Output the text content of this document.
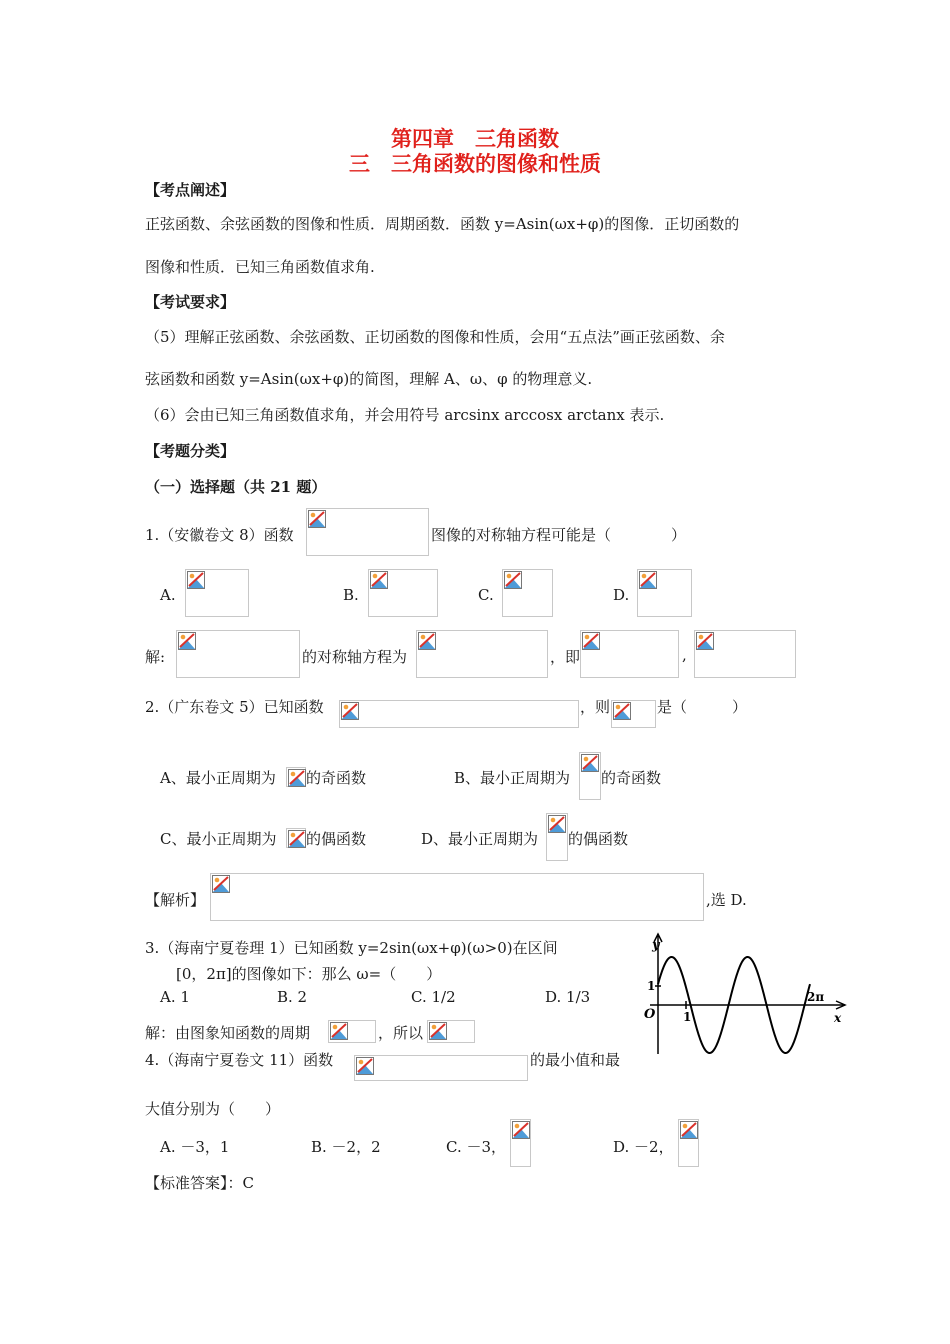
第四章　三角函数
三　三角函数的图像和性质
【考点阐述】
正弦函数、余弦函数的图像和性质．周期函数．函数 y=Asin(ωx+φ)的图像．正切函数的
图像和性质．已知三角函数值求角.
【考试要求】
（5）理解正弦函数、余弦函数、正切函数的图像和性质，会用“五点法”画正弦函数、余
弦函数和函数 y=Asin(ωx+φ)的简图，理解 A、ω、φ 的物理意义.
（6）会由已知三角函数值求角，并会用符号 arcsinx arccosx arctanx 表示.
【考题分类】
（一）选择题（共 21 题）
1.（安徽卷文 8）函数	图像的对称轴方程可能是（　　　　）
A.	B.	C.	D.
解:	的对称轴方程为	，即	,
2.（广东卷文 5）已知函数	，则	是（　　　）
A、最小正周期为 的奇函数	B、最小正周期为 的奇函数
C、最小正周期为 的偶函数	D、最小正周期为 的偶函数
【解析】	,选 D.
3.（海南宁夏卷理 1）已知函数 y=2sin(ωx+φ)(ω>0)在区间
[0，2π]的图像如下：那么 ω=（　　）
A. 1	B. 2	C. 1/2	D. 1/3
y
x
1
1
O
2π
解：由图象知函数的周期	，所以
4.（海南宁夏卷文 11）函数	的最小值和最
大值分别为（　　）
A. －3，1	B. －2，2	C. －3，	D. －2，
【标准答案】：C
